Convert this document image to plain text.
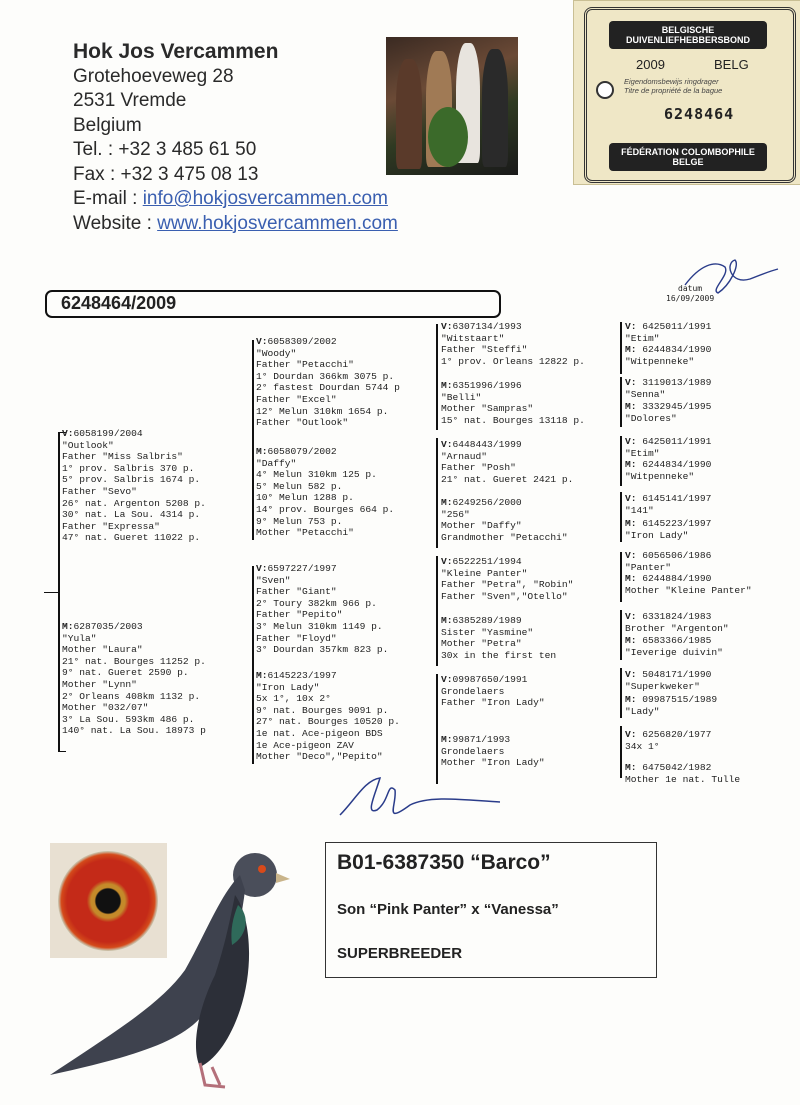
Hok Jos Vercammen
Grotehoeveweg 28
2531 Vremde
Belgium
Tel. : +32 3 485 61 50
Fax : +32 3 475 08 13
E-mail : info@hokjosvercammen.com
Website : www.hokjosvercammen.com
BELGISCHE DUIVENLIEFHEBBERSBOND
2009	BELG
Eigendomsbewijs ringdrager
Titre de propriété de la bague
6248464
FÉDÉRATION COLOMBOPHILE BELGE
6248464/2009
datum
16/09/2009
V:6058199/2004
"Outlook"
Father "Miss Salbris"
1° prov. Salbris 370 p.
5° prov. Salbris 1674 p.
Father "Sevo"
26° nat. Argenton 5208 p.
30° nat. La Sou. 4314 p.
Father "Expressa"
47° nat. Gueret 11022 p.
M:6287035/2003
"Yula"
Mother "Laura"
21° nat. Bourges 11252 p.
9° nat. Gueret 2590 p.
Mother "Lynn"
2° Orleans 408km 1132 p.
Mother "032/07"
3° La Sou. 593km 486 p.
140° nat. La Sou. 18973 p
V:6058309/2002
"Woody"
Father "Petacchi"
1° Dourdan 366km 3075 p.
2° fastest Dourdan 5744 p
Father "Excel"
12° Melun 310km 1654 p.
Father "Outlook"
M:6058079/2002
"Daffy"
4° Melun 310km 125 p.
5° Melun 582 p.
10° Melun 1288 p.
14° prov. Bourges 664 p.
9° Melun 753 p.
Mother "Petacchi"
V:6597227/1997
"Sven"
Father "Giant"
2° Toury 382km 966 p.
Father "Pepito"
3° Melun 310km 1149 p.
Father "Floyd"
3° Dourdan 357km 823 p.
M:6145223/1997
"Iron Lady"
5x 1°, 10x 2°
9° nat. Bourges 9091 p.
27° nat. Bourges 10520 p.
1e nat. Ace-pigeon BDS
1e Ace-pigeon ZAV
Mother "Deco","Pepito"
V:6307134/1993
"Witstaart"
Father "Steffi"
1° prov. Orleans 12822 p.
M:6351996/1996
"Belli"
Mother "Sampras"
15° nat. Bourges 13118 p.
V:6448443/1999
"Arnaud"
Father "Posh"
21° nat. Gueret 2421 p.
M:6249256/2000
"256"
Mother "Daffy"
Grandmother "Petacchi"
V:6522251/1994
"Kleine Panter"
Father "Petra", "Robin"
Father "Sven","Otello"
M:6385289/1989
Sister "Yasmine"
Mother "Petra"
30x in the first ten
V:09987650/1991
Grondelaers
Father "Iron Lady"
M:99871/1993
Grondelaers
Mother "Iron Lady"
V: 6425011/1991
"Etim"
M: 6244834/1990
"Witpenneke"
V: 3119013/1989
"Senna"
M: 3332945/1995
"Dolores"
V: 6425011/1991
"Etim"
M: 6244834/1990
"Witpenneke"
V: 6145141/1997
"141"
M: 6145223/1997
"Iron Lady"
V: 6056506/1986
"Panter"
M: 6244884/1990
Mother "Kleine Panter"
V: 6331824/1983
Brother "Argenton"
M: 6583366/1985
"Ieverige duivin"
V: 5048171/1990
"Superkweker"
M: 09987515/1989
"Lady"
V: 6256820/1977
34x 1°
M: 6475042/1982
Mother 1e nat. Tulle
B01-6387350 “Barco”
Son “Pink Panter” x “Vanessa”
SUPERBREEDER
